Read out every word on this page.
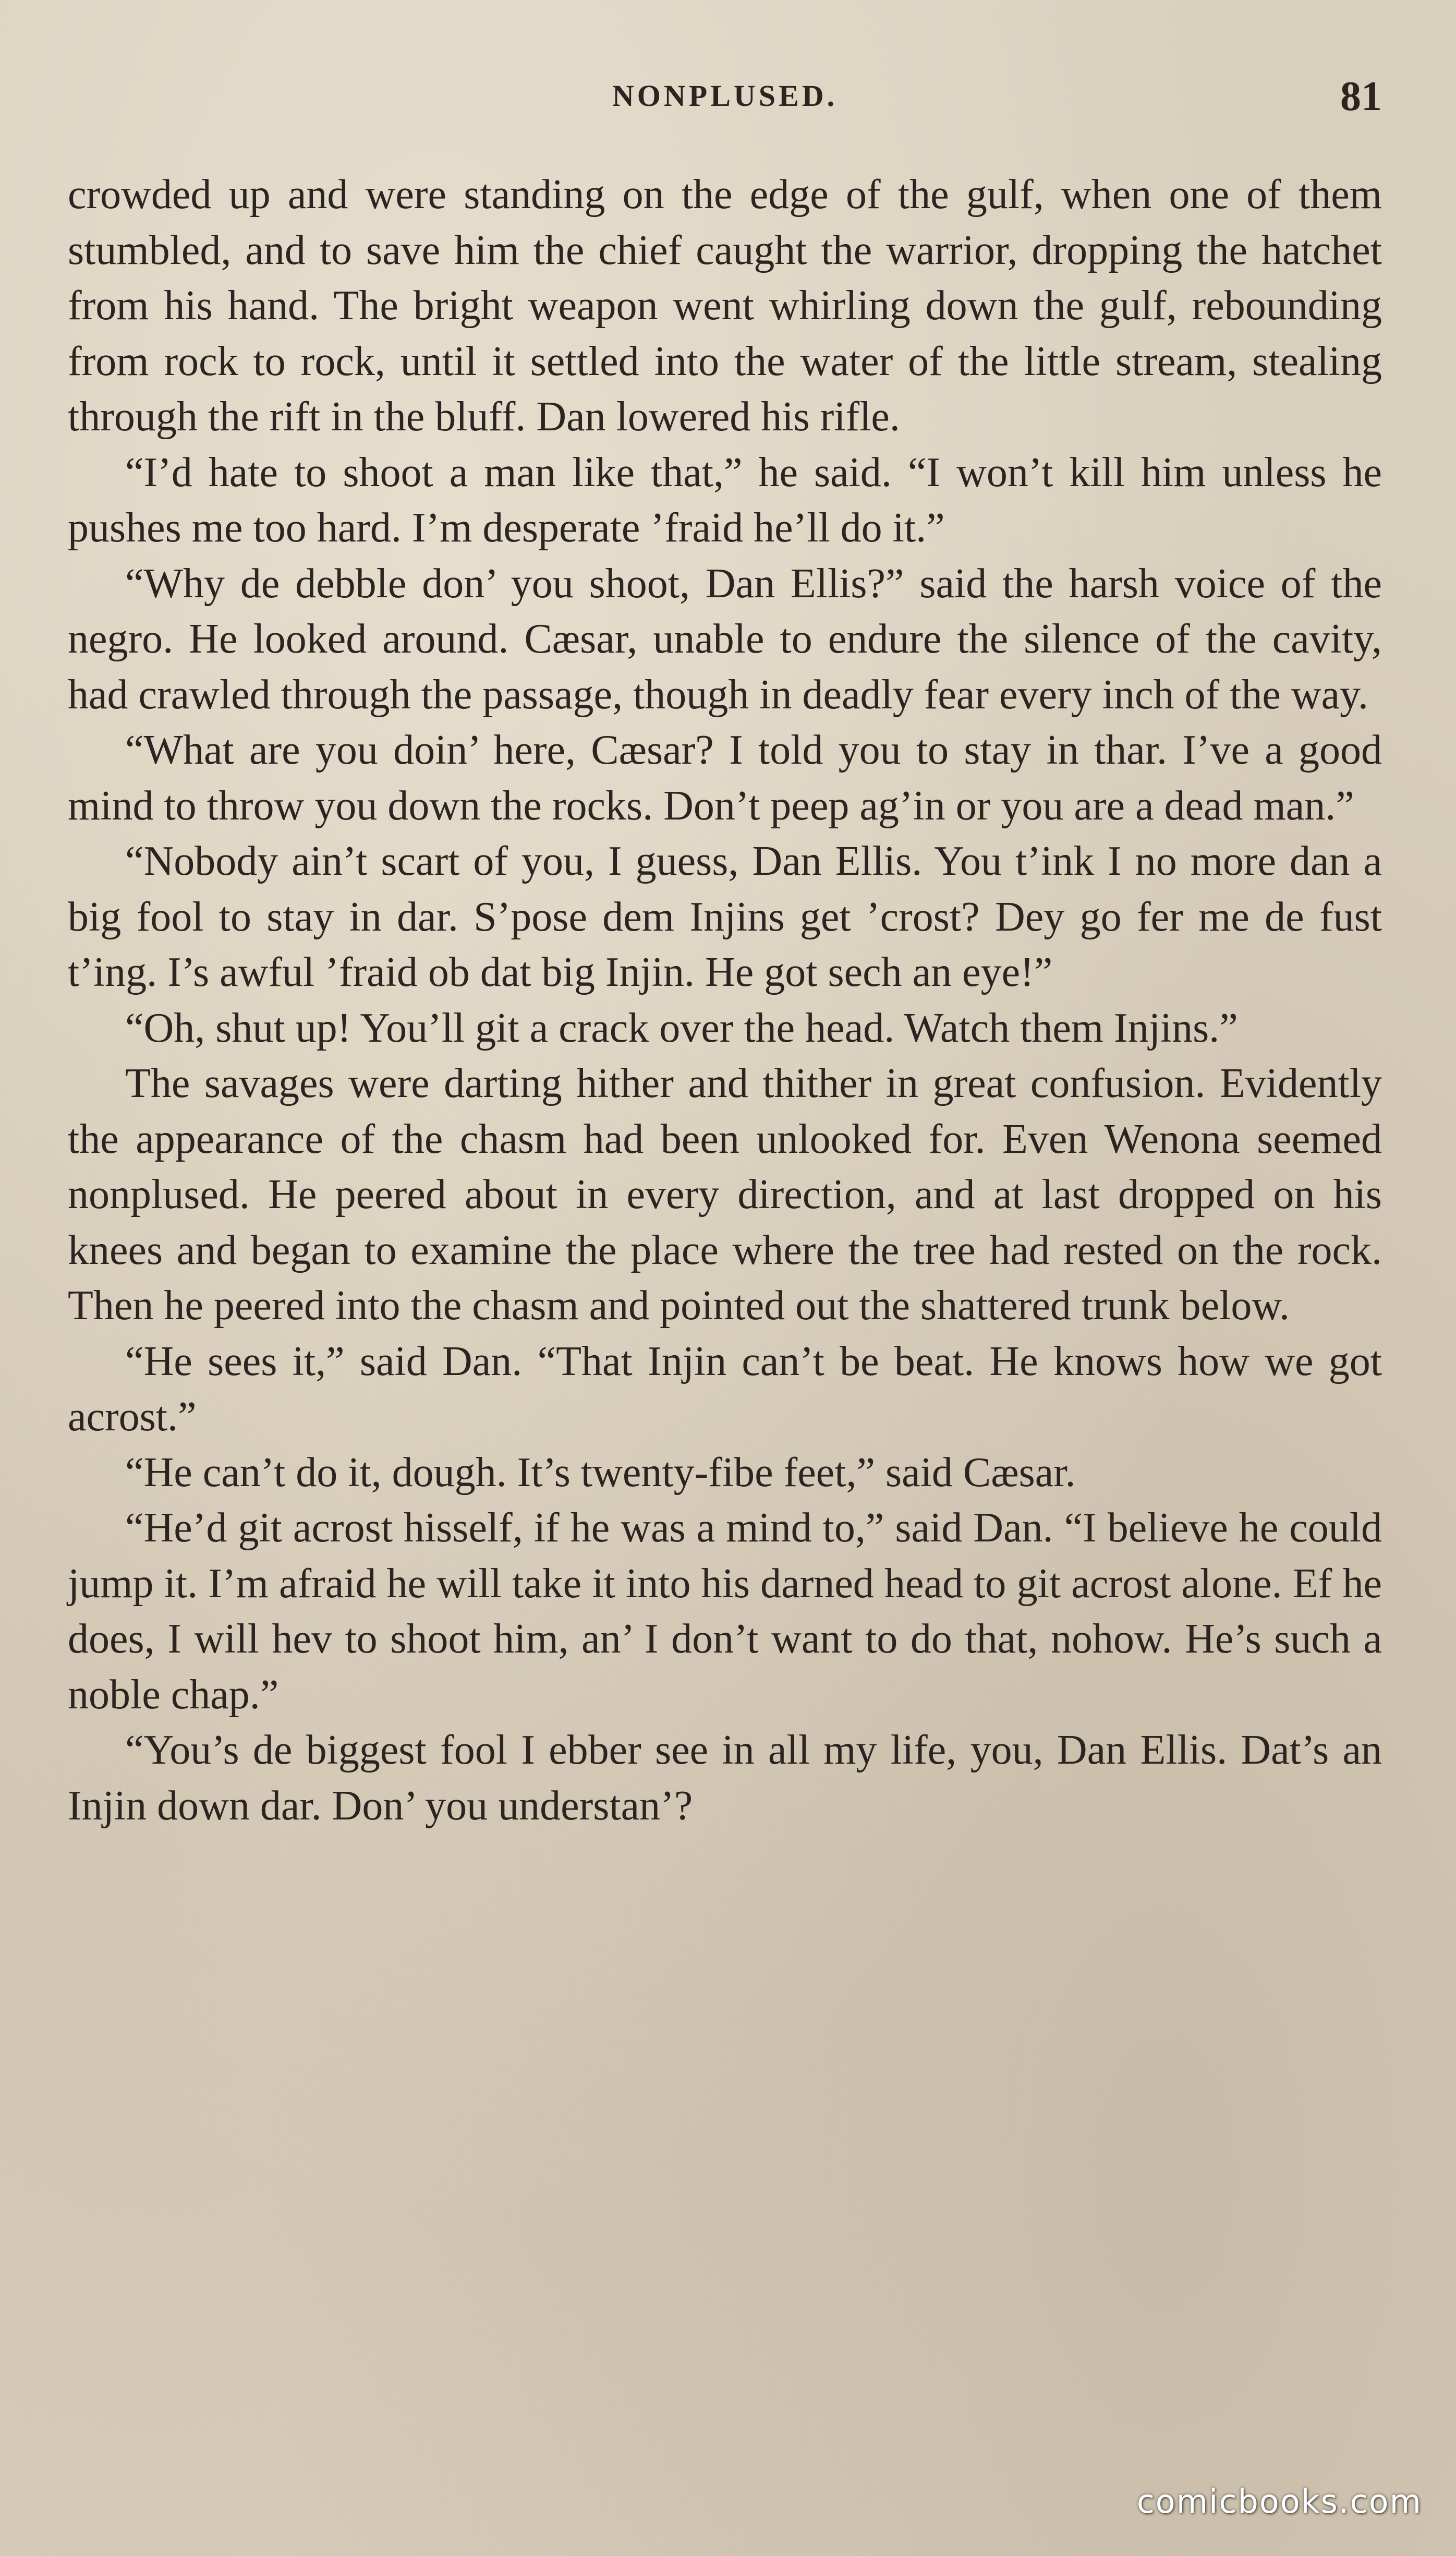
NONPLUSED.	81

crowded up and were standing on the edge of the gulf, when one of them stumbled, and to save him the chief caught the warrior, dropping the hatchet from his hand. The bright weapon went whirling down the gulf, rebounding from rock to rock, until it settled into the water of the little stream, stealing through the rift in the bluff. Dan lowered his rifle.

“I’d hate to shoot a man like that,” he said. “I won’t kill him unless he pushes me too hard. I’m desperate ’fraid he’ll do it.”

“Why de debble don’ you shoot, Dan Ellis?” said the harsh voice of the negro. He looked around. Cæsar, unable to endure the silence of the cavity, had crawled through the passage, though in deadly fear every inch of the way.

“What are you doin’ here, Cæsar? I told you to stay in thar. I’ve a good mind to throw you down the rocks. Don’t peep ag’in or you are a dead man.”

“Nobody ain’t scart of you, I guess, Dan Ellis. You t’ink I no more dan a big fool to stay in dar. S’pose dem Injins get ’crost? Dey go fer me de fust t’ing. I’s awful ’fraid ob dat big Injin. He got sech an eye!”

“Oh, shut up! You’ll git a crack over the head. Watch them Injins.”

The savages were darting hither and thither in great confusion. Evidently the appearance of the chasm had been unlooked for. Even Wenona seemed nonplused. He peered about in every direction, and at last dropped on his knees and began to examine the place where the tree had rested on the rock. Then he peered into the chasm and pointed out the shattered trunk below.

“He sees it,” said Dan. “That Injin can’t be beat. He knows how we got acrost.”

“He can’t do it, dough. It’s twenty-fibe feet,” said Cæsar.

“He’d git acrost hisself, if he was a mind to,” said Dan. “I believe he could jump it. I’m afraid he will take it into his darned head to git acrost alone. Ef he does, I will hev to shoot him, an’ I don’t want to do that, nohow. He’s such a noble chap.”

“You’s de biggest fool I ebber see in all my life, you, Dan Ellis. Dat’s an Injin down dar. Don’ you understan’?

comicbooks.com
